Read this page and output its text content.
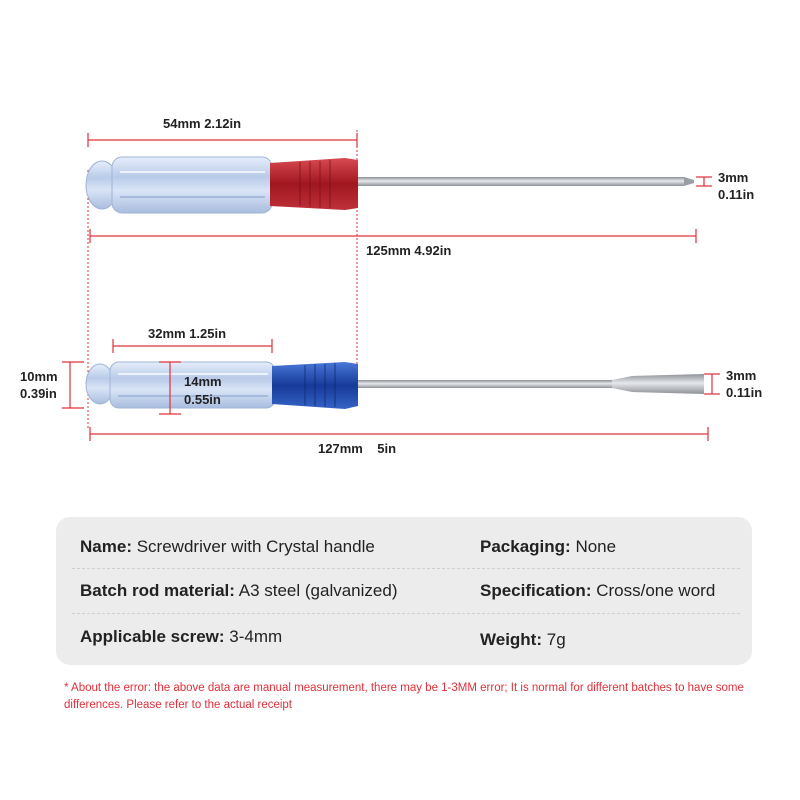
54mm 2.12in
125mm 4.92in
3mm
0.11in
32mm 1.25in
10mm
0.39in
14mm
0.55in
3mm
0.11in
127mm    5in
Name : Screwdriver with Crystal handle	Packaging : None
Batch rod material : A3 steel (galvanized)	Specification : Cross/one word
Applicable screw : 3-4mm	Weight : 7g
* About the error: the above data are manual measurement, there may be 1-3MM error; It is normal for different batches to have some differences. Please refer to the actual receipt
